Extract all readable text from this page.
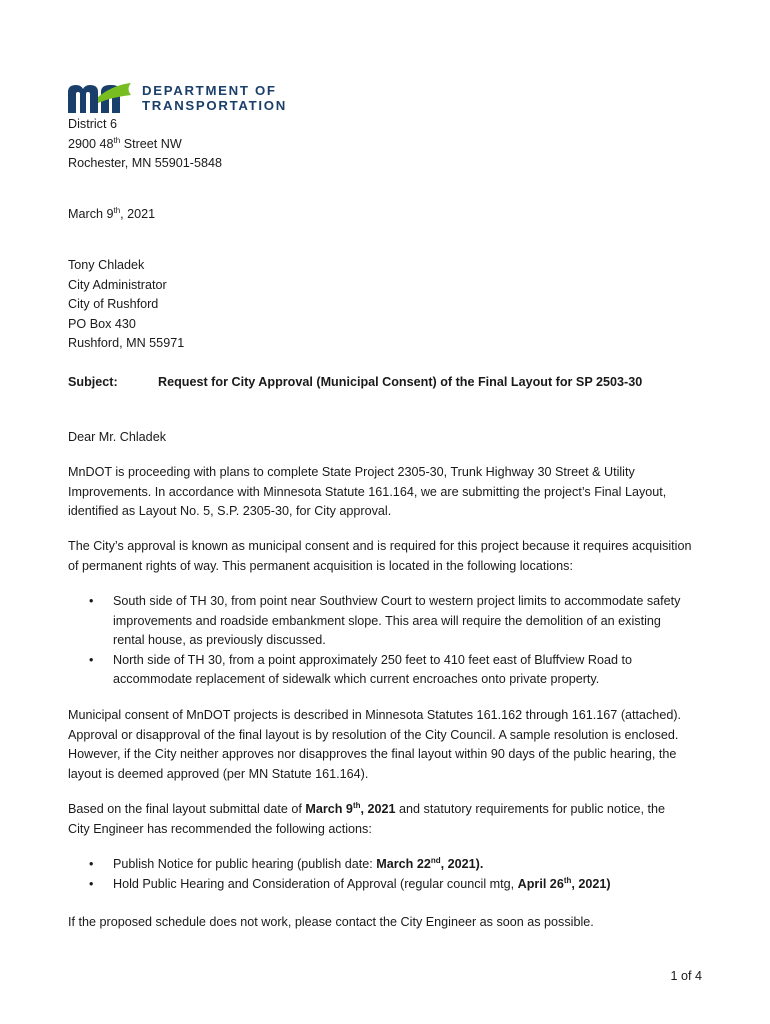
DEPARTMENT OF
TRANSPORTATION
District 6
2900 48th Street NW
Rochester, MN 55901-5848
March 9th, 2021
Tony Chladek
City Administrator
City of Rushford
PO Box 430
Rushford, MN 55971
Subject:	Request for City Approval (Municipal Consent) of the Final Layout for SP 2503-30
Dear Mr. Chladek
MnDOT is proceeding with plans to complete State Project 2305-30, Trunk Highway 30 Street & Utility
Improvements. In accordance with Minnesota Statute 161.164, we are submitting the project’s Final Layout,
identified as Layout No. 5, S.P. 2305-30, for City approval.
The City’s approval is known as municipal consent and is required for this project because it requires acquisition
of permanent rights of way. This permanent acquisition is located in the following locations:
• South side of TH 30, from point near Southview Court to western project limits to accommodate safety
improvements and roadside embankment slope. This area will require the demolition of an existing
rental house, as previously discussed.
• North side of TH 30, from a point approximately 250 feet to 410 feet east of Bluffview Road to
accommodate replacement of sidewalk which current encroaches onto private property.
Municipal consent of MnDOT projects is described in Minnesota Statutes 161.162 through 161.167 (attached).
Approval or disapproval of the final layout is by resolution of the City Council. A sample resolution is enclosed.
However, if the City neither approves nor disapproves the final layout within 90 days of the public hearing, the
layout is deemed approved (per MN Statute 161.164).
Based on the final layout submittal date of March 9th, 2021 and statutory requirements for public notice, the
City Engineer has recommended the following actions:
• Publish Notice for public hearing (publish date: March 22nd, 2021).
• Hold Public Hearing and Consideration of Approval (regular council mtg, April 26th, 2021)
If the proposed schedule does not work, please contact the City Engineer as soon as possible.
1 of 4
